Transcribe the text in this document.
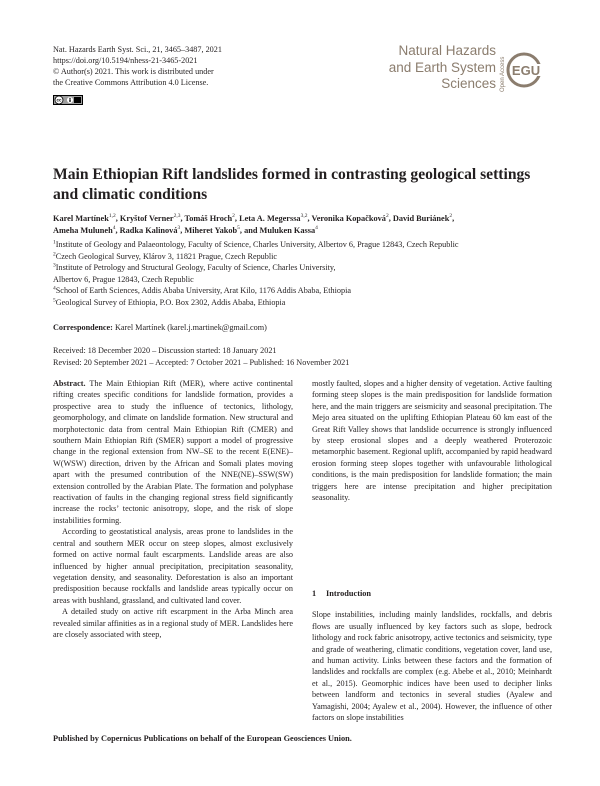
Nat. Hazards Earth Syst. Sci., 21, 3465–3487, 2021
https://doi.org/10.5194/nhess-21-3465-2021
© Author(s) 2021. This work is distributed under
the Creative Commons Attribution 4.0 License.
cc
Natural Hazards
and Earth System
Sciences Open Access EGU
Main Ethiopian Rift landslides formed in contrasting geological settings and climatic conditions
Karel Martínek$^{1,2}$, Kryštof Verner$^{2,3}$, Tomáš Hroch$^2$, Leta A. Megerssa$^{3,2}$, Veronika Kopačková$^2$, David Buriánek$^2$,
Ameha Muluneh$^4$, Radka Kalinová$^3$, Miheret Yakob$^5$, and Muluken Kassa$^4$
$^1$Institute of Geology and Palaeontology, Faculty of Science, Charles University, Albertov 6, Prague 12843, Czech Republic
$^2$Czech Geological Survey, Klárov 3, 11821 Prague, Czech Republic
$^3$Institute of Petrology and Structural Geology, Faculty of Science, Charles University,
Albertov 6, Prague 12843, Czech Republic
$^4$School of Earth Sciences, Addis Ababa University, Arat Kilo, 1176 Addis Ababa, Ethiopia
$^5$Geological Survey of Ethiopia, P.O. Box 2302, Addis Ababa, Ethiopia
Correspondence: Karel Martínek (karel.j.martinek@gmail.com)
Received: 18 December 2020 – Discussion started: 18 January 2021
Revised: 20 September 2021 – Accepted: 7 October 2021 – Published: 16 November 2021

Abstract. The Main Ethiopian Rift (MER), where active continental rifting creates specific conditions for landslide formation, provides a prospective area to study the influence of tectonics, lithology, geomorphology, and climate on landslide formation. New structural and morphotectonic data from central Main Ethiopian Rift (CMER) and southern Main Ethiopian Rift (SMER) support a model of progressive change in the regional extension from NW–SE to the recent E(ENE)–W(WSW) direction, driven by the African and Somali plates moving apart with the presumed contribution of the NNE(NE)–SSW(SW) extension controlled by the Arabian Plate. The formation and polyphase reactivation of faults in the changing regional stress field significantly increase the rocks’ tectonic anisotropy, slope, and the risk of slope instabilities forming.

According to geostatistical analysis, areas prone to landslides in the central and southern MER occur on steep slopes, almost exclusively formed on active normal fault escarpments. Landslide areas are also influenced by higher annual precipitation, precipitation seasonality, vegetation density, and seasonality. Deforestation is also an important predisposition because rockfalls and landslide areas typically occur on areas with bushland, grassland, and cultivated land cover.

A detailed study on active rift escarpment in the Arba Minch area revealed similar affinities as in a regional study of MER. Landslides here are closely associated with steep,

mostly faulted, slopes and a higher density of vegetation. Active faulting forming steep slopes is the main predisposition for landslide formation here, and the main triggers are seismicity and seasonal precipitation. The Mejo area situated on the uplifting Ethiopian Plateau 60 km east of the Great Rift Valley shows that landslide occurrence is strongly influenced by steep erosional slopes and a deeply weathered Proterozoic metamorphic basement. Regional uplift, accompanied by rapid headward erosion forming steep slopes together with unfavourable lithological conditions, is the main predisposition for landslide formation; the main triggers here are intense precipitation and higher precipitation seasonality.

1 Introduction

Slope instabilities, including mainly landslides, rockfalls, and debris flows are usually influenced by key factors such as slope, bedrock lithology and rock fabric anisotropy, active tectonics and seismicity, type and grade of weathering, climatic conditions, vegetation cover, land use, and human activity. Links between these factors and the formation of landslides and rockfalls are complex (e.g. Abebe et al., 2010; Meinhardt et al., 2015). Geomorphic indices have been used to decipher links between landform and tectonics in several studies (Ayalew and Yamagishi, 2004; Ayalew et al., 2004). However, the influence of other factors on slope instabilities

Published by Copernicus Publications on behalf of the European Geosciences Union.
